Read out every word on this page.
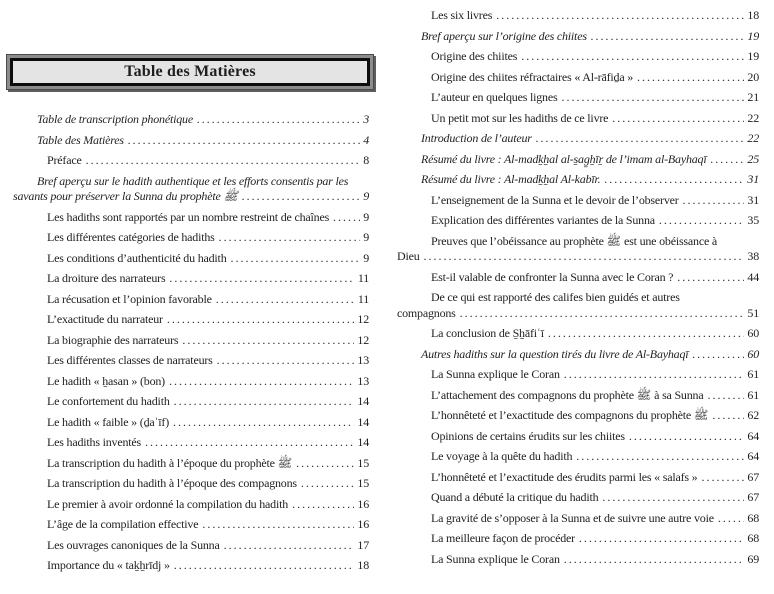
Table des Matières
Table de transcription phonétique .....	3
Table des Matières .....	4
Préface .....	8
Bref aperçu sur le hadith authentique et les efforts consentis par les
savants pour préserver la Sunna du prophète ﷺ .....	9
Les hadiths sont rapportés par un nombre restreint de chaînes .....	9
Les différentes catégories de hadiths .....	9
Les conditions d’authenticité du hadith .....	9
La droiture des narrateurs .....	11
La récusation et l’opinion favorable .....	11
L’exactitude du narrateur .....	12
La biographie des narrateurs .....	12
Les différentes classes de narrateurs .....	13
Le hadith « ẖasan » (bon) .....	13
Le confortement du hadith .....	14
Le hadith « faible » (ḏaʿīf) .....	14
Les hadiths inventés .....	14
La transcription du hadith à l’époque du prophète ﷺ .....	15
La transcription du hadith à l’époque des compagnons .....	15
Le premier à avoir ordonné la compilation du hadith .....	16
L’âge de la compilation effective .....	16
Les ouvrages canoniques de la Sunna .....	17
Importance du « taḵẖrīdj » .....	18
Les six livres .....	18
Bref aperçu sur l’origine des chiites .....	19
Origine des chiites .....	19
Origine des chiites réfractaires « Al-rāfiḏa » .....	20
L’auteur en quelques lignes .....	21
Un petit mot sur les hadiths de ce livre .....	22
Introduction de l’auteur .....	22
Résumé du livre : Al-madḵẖal al-s̱ag̱ẖīṟ de l’imam al-Bayhaqī .....	25
Résumé du livre : Al-madḵẖal Al-kabīr. .....	31
L’enseignement de la Sunna et le devoir de l’observer .....	31
Explication des différentes variantes de la Sunna .....	35
Preuves que l’obéissance au prophète ﷺ est une obéissance à
Dieu .....	38
Est-il valable de confronter la Sunna avec le Coran ? .....	44
De ce qui est rapporté des califes bien guidés et autres
compagnons .....	51
La conclusion de S̱ẖāfiʿī .....	60
Autres hadiths sur la question tirés du livre de Al-Bayhaqī .....	60
La Sunna explique le Coran .....	61
L’attachement des compagnons du prophète ﷺ à sa Sunna .....	61
L’honnêteté et l’exactitude des compagnons du prophète ﷺ .....	62
Opinions de certains érudits sur les chiites .....	64
Le voyage à la quête du hadith .....	64
L’honnêteté et l’exactitude des érudits parmi les « salafs » .....	67
Quand a débuté la critique du hadith .....	67
La gravité de s’opposer à la Sunna et de suivre une autre voie .....	68
La meilleure façon de procéder .....	68
La Sunna explique le Coran .....	69
